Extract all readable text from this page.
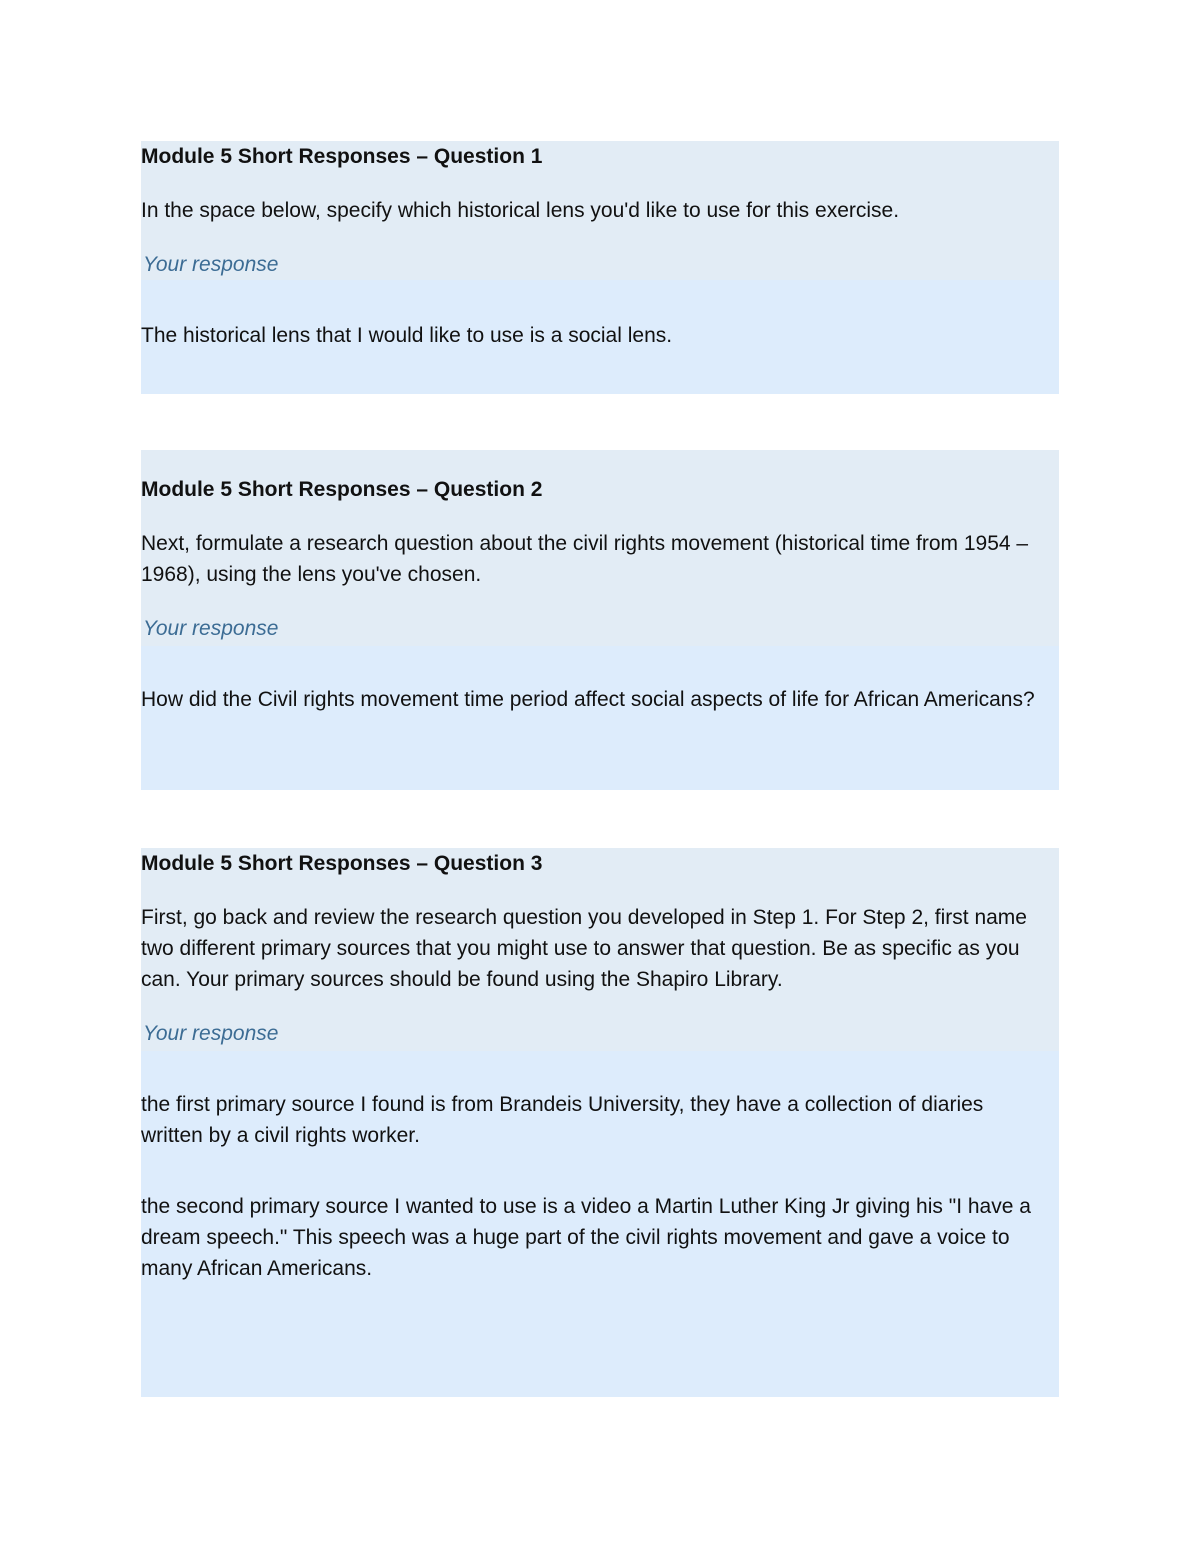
Module 5 Short Responses – Question 1

In the space below, specify which historical lens you'd like to use for this exercise.

Your response

The historical lens that I would like to use is a social lens.

Module 5 Short Responses – Question 2

Next, formulate a research question about the civil rights movement (historical time from 1954 – 1968), using the lens you've chosen.

Your response

How did the Civil rights movement time period affect social aspects of life for African Americans?

Module 5 Short Responses – Question 3

First, go back and review the research question you developed in Step 1. For Step 2, first name two different primary sources that you might use to answer that question. Be as specific as you can. Your primary sources should be found using the Shapiro Library.

Your response

the first primary source I found is from Brandeis University, they have a collection of diaries written by a civil rights worker.

the second primary source I wanted to use is a video a Martin Luther King Jr giving his "I have a dream speech." This speech was a huge part of the civil rights movement and gave a voice to many African Americans.
